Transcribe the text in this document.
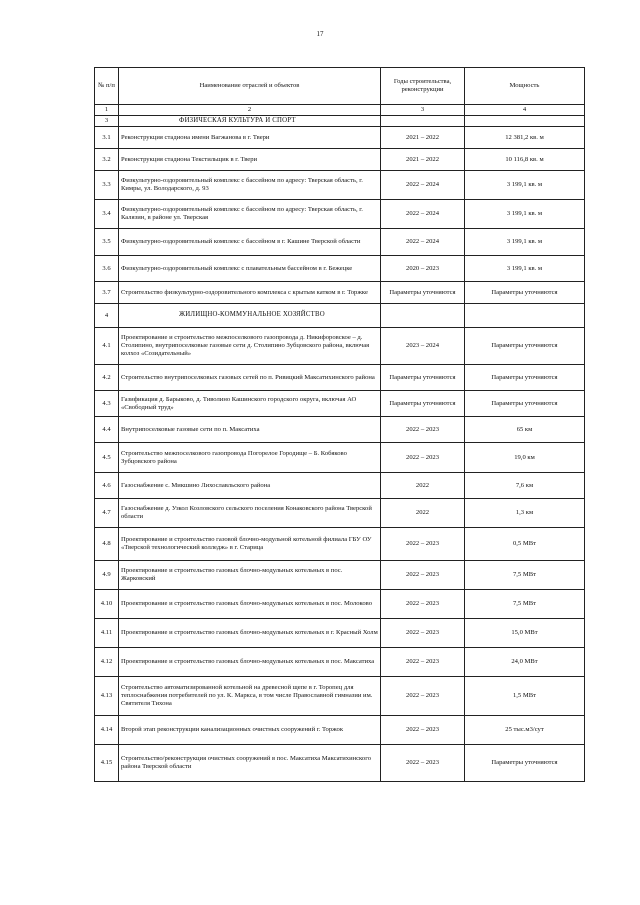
17
№ п/п	Наименование отраслей и объектов	Годы строительства, реконструкции	Мощность
1	2	3	4
3	ФИЗИЧЕСКАЯ КУЛЬТУРА И СПОРТ		
3.1	Реконструкция стадиона имени Вагжанова в г. Твери	2021 – 2022	12 381,2 кв. м
3.2	Реконструкция стадиона Текстильщик в г. Твери	2021 – 2022	10 116,8 кв. м
3.3	Физкультурно-оздоровительный комплекс с бассейном по адресу: Тверская область, г. Кимры, ул. Володарского, д. 93	2022 – 2024	3 199,1 кв. м
3.4	Физкультурно-оздоровительный комплекс с бассейном по адресу: Тверская область, г. Калязин, в районе ул. Тверская	2022 – 2024	3 199,1 кв. м
3.5	Физкультурно-оздоровительный комплекс с бассейном в г. Кашине Тверской области	2022 – 2024	3 199,1 кв. м
3.6	Физкультурно-оздоровительный комплекс с плавательным бассейном в г. Бежецке	2020 – 2023	3 199,1 кв. м
3.7	Строительство физкультурно-оздоровительного комплекса с крытым катком в г. Торжке	Параметры уточняются	Параметры уточняются
4	ЖИЛИЩНО-КОММУНАЛЬНОЕ ХОЗЯЙСТВО		
4.1	Проектирование и строительство межпоселкового газопровода д. Никифоровское – д. Столипино, внутрипоселковые газовые сети д. Столипино Зубцовского района, включая колхоз «Созидательный»	2023 – 2024	Параметры уточняются
4.2	Строительство внутрипоселковых газовых сетей по п. Ривицкий Максатихинского района	Параметры уточняются	Параметры уточняются
4.3	Газификация д. Барыково, д. Тиволино Кашинского городского округа, включая АО «Свободный труд»	Параметры уточняются	Параметры уточняются
4.4	Внутрипоселковые газовые сети по п. Максатиха	2022 – 2023	65 км
4.5	Строительство межпоселкового газопровода Погорелое Городище – Б. Кобяково Зубцовского района	2022 – 2023	19,0 км
4.6	Газоснабжение с. Микшино Лихославльского района	2022	7,6 км
4.7	Газоснабжение д. Узкол Козловского сельского поселения Конаковского района Тверской области	2022	1,3 км
4.8	Проектирование и строительство газовой блочно-модульной котельной филиала ГБУ ОУ «Тверской технологический колледж» в г. Старица	2022 – 2023	0,5 МВт
4.9	Проектирование и строительство газовых блочно-модульных котельных в пос. Жарковский	2022 – 2023	7,5 МВт
4.10	Проектирование и строительство газовых блочно-модульных котельных в пос. Молоково	2022 – 2023	7,5 МВт
4.11	Проектирование и строительство газовых блочно-модульных котельных в г. Красный Холм	2022 – 2023	15,0 МВт
4.12	Проектирование и строительство газовых блочно-модульных котельных в пос. Максатиха	2022 – 2023	24,0 МВт
4.13	Строительство автоматизированной котельной на древесной щепе в г. Торопец для теплоснабжения потребителей по ул. К. Маркса, в том числе Православной гимназии им. Святителя Тихона	2022 – 2023	1,5 МВт
4.14	Второй этап реконструкции канализационных очистных сооружений г. Торжок	2022 – 2023	25 тыс.м3/сут
4.15	Строительство/реконструкция очистных сооружений в пос. Максатиха Максатихинского района Тверской области	2022 – 2023	Параметры уточняются
